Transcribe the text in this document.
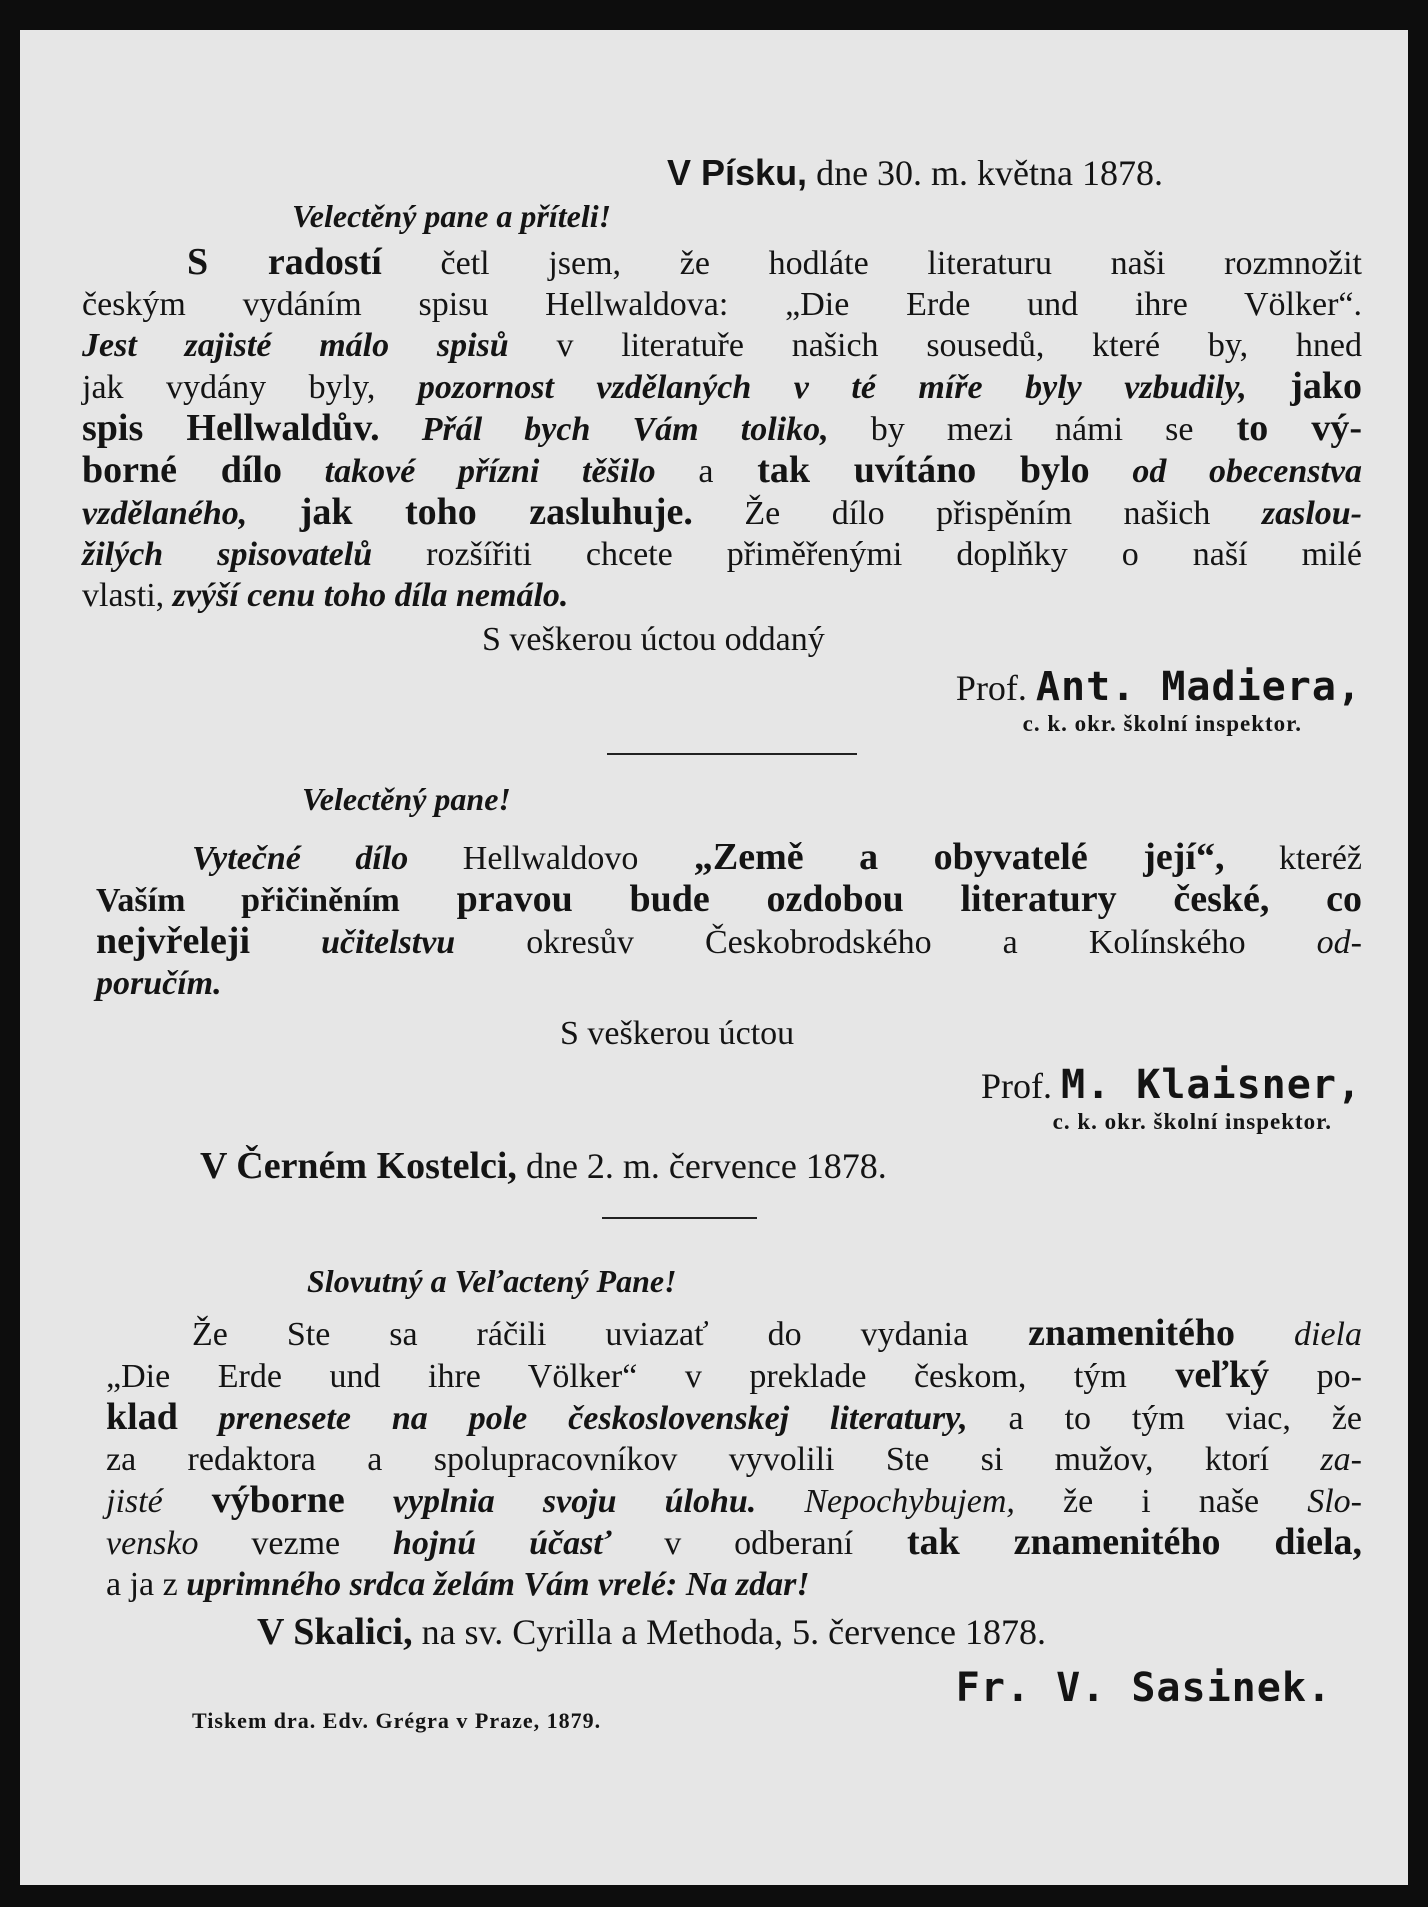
V Písku, dne 30. m. května 1878.

Velectěný pane a příteli!

S radostí četl jsem, že hodláte literaturu naši rozmnožit

českým vydáním spisu Hellwaldova: „Die Erde und ihre Völker“.

Jest zajisté málo spisů v literatuře našich sousedů, které by, hned

jak vydány byly, pozornost vzdělaných v té míře byly vzbudily, jako

spis Hellwaldův. Přál bych Vám toliko, by mezi námi se to vý-

borné dílo takové přízni těšilo a tak uvítáno bylo od obecenstva

vzdělaného, jak toho zasluhuje. Že dílo přispěním našich zaslou-

žilých spisovatelů rozšířiti chcete přiměřenými doplňky o naší milé

vlasti, zvýší cenu toho díla nemálo.

S veškerou úctou oddaný

Prof. Ant. Madiera,

c. k. okr. školní inspektor.

Velectěný pane!

Vytečné dílo Hellwaldovo „Země a obyvatelé její“, kteréž

Vaším přičiněním pravou bude ozdobou literatury české, co

nejvřeleji učitelstvu okresův Českobrodského a Kolínského od-

poručím.

S veškerou úctou

Prof. M. Klaisner,

c. k. okr. školní inspektor.

V Černém Kostelci, dne 2. m. července 1878.

Slovutný a Veľactený Pane!

Že Ste sa ráčili uviazať do vydania znamenitého diela

„Die Erde und ihre Völker“ v preklade českom, tým veľký po-

klad prenesete na pole československej literatury, a to tým viac, že

za redaktora a spolupracovníkov vyvolili Ste si mužov, ktorí za-

jisté výborne vyplnia svoju úlohu. Nepochybujem, že i naše Slo-

vensko vezme hojnú účasť v odberaní tak znamenitého diela,

a ja z uprimného srdca želám Vám vrelé: Na zdar!

V Skalici, na sv. Cyrilla a Methoda, 5. července 1878.

Fr. V. Sasinek.

Tiskem dra. Edv. Grégra v Praze, 1879.
